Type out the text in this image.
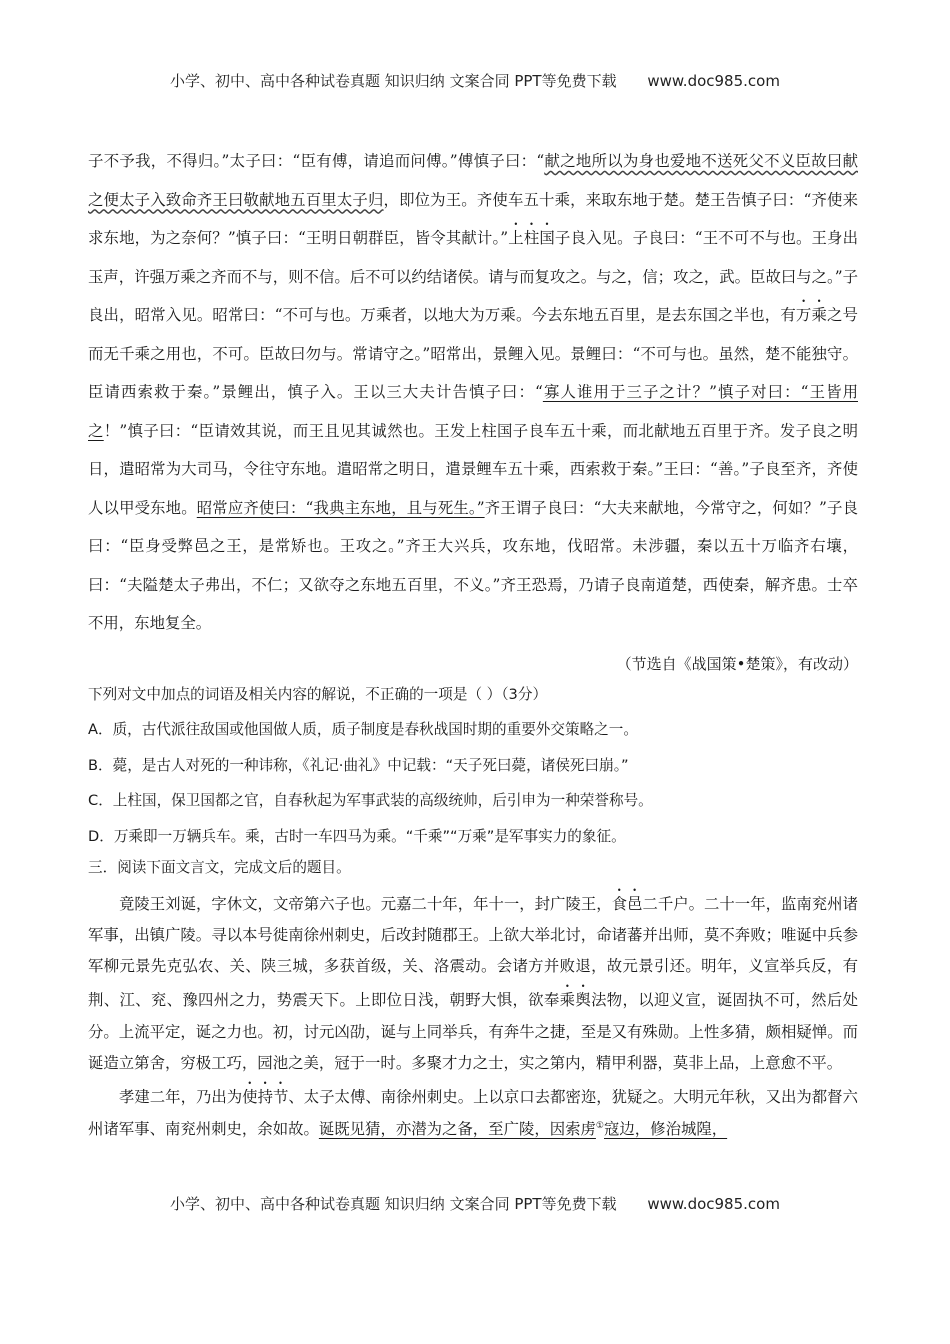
小学、初中、高中各种试卷真题 知识归纳 文案合同 PPT等免费下载 www.doc985.com

子不予我，不得归。”太子曰：“臣有傅，请追而问傅。”傅慎子曰：“献之地所以为身也爱地不送死父不义臣故曰献之便太子入致命齐王曰敬献地五百里太子归，即位为王。齐使车五十乘，来取东地于楚。楚王告慎子曰：“齐使来求东地，为之奈何？”慎子曰：“王明日朝群臣，皆令其献计。”上柱国子良入见。子良曰：“王不可不与也。王身出玉声，许强万乘之齐而不与，则不信。后不可以约结诸侯。请与而复攻之。与之，信；攻之，武。臣故曰与之。”子良出，昭常入见。昭常曰：“不可与也。万乘者，以地大为万乘。今去东地五百里，是去东国之半也，有万乘之号而无千乘之用也，不可。臣故曰勿与。常请守之。”昭常出，景鲤入见。景鲤曰：“不可与也。虽然，楚不能独守。臣请西索救于秦。”景鲤出，慎子入。王以三大夫计告慎子曰：“寡人谁用于三子之计？”慎子对曰：“王皆用之！”慎子曰：“臣请效其说，而王且见其诚然也。王发上柱国子良车五十乘，而北献地五百里于齐。发子良之明日，遣昭常为大司马，令往守东地。遣昭常之明日，遣景鲤车五十乘，西索救于秦。”王曰：“善。”子良至齐，齐使人以甲受东地。昭常应齐使曰：“我典主东地，且与死生。”齐王谓子良曰：“大夫来献地，今常守之，何如？”子良曰：“臣身受弊邑之王，是常矫也。王攻之。”齐王大兴兵，攻东地，伐昭常。未涉疆，秦以五十万临齐右壤，曰：“夫隘楚太子弗出，不仁；又欲夺之东地五百里，不义。”齐王恐焉，乃请子良南道楚，西使秦，解齐患。士卒不用，东地复全。

（节选自《战国策•楚策》，有改动）

下列对文中加点的词语及相关内容的解说，不正确的一项是（ ）（3分）

A．质，古代派往敌国或他国做人质，质子制度是春秋战国时期的重要外交策略之一。

B．薨，是古人对死的一种讳称，《礼记·曲礼》中记载：“天子死曰薨，诸侯死曰崩。”

C．上柱国，保卫国都之官，自春秋起为军事武装的高级统帅，后引申为一种荣誉称号。

D．万乘即一万辆兵车。乘，古时一车四马为乘。“千乘”“万乘”是军事实力的象征。

三．阅读下面文言文，完成文后的题目。

竟陵王刘诞，字休文，文帝第六子也。元嘉二十年，年十一，封广陵王，食邑二千户。二十一年，监南兖州诸军事，出镇广陵。寻以本号徙南徐州刺史，后改封随郡王。上欲大举北讨，命诸蕃并出师，莫不奔败；唯诞中兵参军柳元景先克弘农、关、陕三城，多获首级，关、洛震动。会诸方并败退，故元景引还。明年，义宣举兵反，有荆、江、兖、豫四州之力，势震天下。上即位日浅，朝野大惧，欲奉乘舆法物，以迎义宣，诞固执不可，然后处分。上流平定，诞之力也。初，讨元凶劭，诞与上同举兵，有奔牛之捷，至是又有殊勋。上性多猜，颇相疑惮。而诞造立第舍，穷极工巧，园池之美，冠于一时。多聚才力之士，实之第内，精甲利器，莫非上品，上意愈不平。

孝建二年，乃出为使持节、太子太傅、南徐州刺史。上以京口去都密迩，犹疑之。大明元年秋，又出为都督六州诸军事、南兖州刺史，余如故。诞既见猜，亦潜为之备，至广陵，因索虏①寇边，修治城隍，

小学、初中、高中各种试卷真题 知识归纳 文案合同 PPT等免费下载 www.doc985.com
